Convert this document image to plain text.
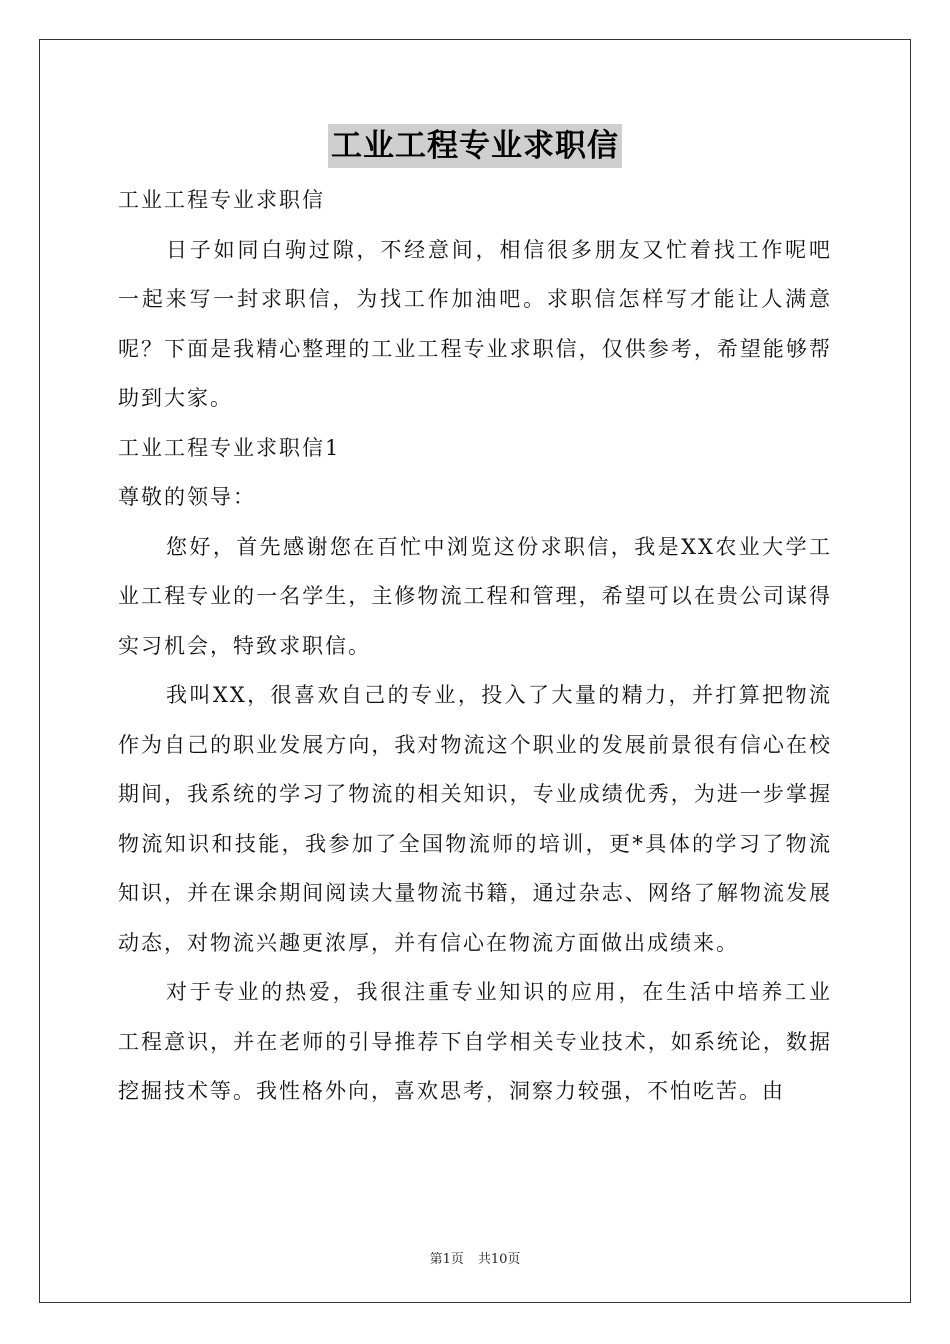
工业工程专业求职信

工业工程专业求职信

日子如同白驹过隙，不经意间，相信很多朋友又忙着找工作呢吧一起来写一封求职信，为找工作加油吧。求职信怎样写才能让人满意呢？下面是我精心整理的工业工程专业求职信，仅供参考，希望能够帮助到大家。

工业工程专业求职信1

尊敬的领导：

您好，首先感谢您在百忙中浏览这份求职信，我是XX农业大学工业工程专业的一名学生，主修物流工程和管理，希望可以在贵公司谋得实习机会，特致求职信。

我叫XX，很喜欢自己的专业，投入了大量的精力，并打算把物流作为自己的职业发展方向，我对物流这个职业的发展前景很有信心在校期间，我系统的学习了物流的相关知识，专业成绩优秀，为进一步掌握物流知识和技能，我参加了全国物流师的培训，更*具体的学习了物流知识，并在课余期间阅读大量物流书籍，通过杂志、网络了解物流发展动态，对物流兴趣更浓厚，并有信心在物流方面做出成绩来。

对于专业的热爱，我很注重专业知识的应用，在生活中培养工业工程意识，并在老师的引导推荐下自学相关专业技术，如系统论，数据挖掘技术等。我性格外向，喜欢思考，洞察力较强，不怕吃苦。由

第1页 共10页
